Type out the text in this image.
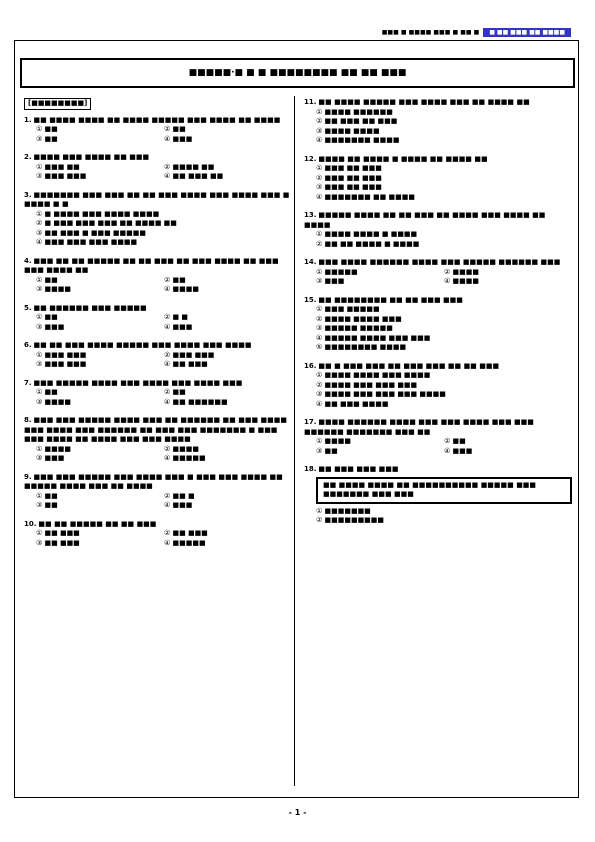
■■■ ■ ■■■■ ■■■ ■ ■■ ■	■ ■■ ■■■ ■■ ■■■■
■■■■■·■ ■ ■ ■■■■■■■■ ■■ ■■ ■■■
[■■■■■■■■]
1. ■■ ■■■■ ■■■■ ■■ ■■■■ ■■■■■ ■■■ ■■■■ ■■ ■■■■
① ■■	② ■■
③ ■■	④ ■■■
2. ■■■■ ■■■ ■■■■ ■■ ■■■
① ■■■ ■■	② ■■■■ ■■
③ ■■■ ■■■	④ ■■ ■■■ ■■
3. ■■■■■■■ ■■■ ■■■ ■■ ■■ ■■■ ■■■■ ■■■ ■■■■ ■■■ ■ ■■■■ ■ ■
① ■ ■■■■ ■■■ ■■■■ ■■■■
② ■ ■■■ ■■■ ■■■ ■■ ■■■■ ■■
③ ■■ ■■■ ■ ■■■ ■■■■■
④ ■■■ ■■■ ■■■ ■■■■
4. ■■■ ■■ ■■ ■■■■■ ■■ ■■ ■■■ ■■ ■■■ ■■■■ ■■ ■■■ ■■■ ■■■■ ■■
① ■■	② ■■
③ ■■■■	④ ■■■■
5. ■■ ■■■■■■ ■■■ ■■■■■
① ■■	② ■ ■
③ ■■■	④ ■■■
6. ■■ ■■ ■■■ ■■■■ ■■■■■ ■■■ ■■■■ ■■■ ■■■■
① ■■■ ■■■	② ■■■ ■■■
③ ■■■ ■■■	④ ■■ ■■■
7. ■■■ ■■■■■ ■■■■ ■■■ ■■■■ ■■■ ■■■■ ■■■
① ■■	② ■■
③ ■■■■	④ ■■ ■■■■■■
8. ■■■ ■■■ ■■■■■ ■■■■ ■■■ ■■ ■■■■■■ ■■ ■■■ ■■■■ ■■■ ■■■■ ■■■ ■■■■■■ ■■ ■■■ ■■■ ■■■■■■■ ■ ■■■ ■■■ ■■■■ ■■ ■■■■ ■■■ ■■■ ■■■■
① ■■■■	② ■■■■
③ ■■■	④ ■■■■■
9. ■■■ ■■■ ■■■■■ ■■■ ■■■■ ■■■ ■ ■■■ ■■■ ■■■■ ■■ ■■■■■ ■■■■ ■■■ ■■ ■■■■
① ■■	② ■■ ■
③ ■■	④ ■■■
10. ■■ ■■ ■■■■■ ■■ ■■ ■■■
① ■■ ■■■	② ■■ ■■■
③ ■■ ■■■	④ ■■■■■
11. ■■ ■■■■ ■■■■■ ■■■ ■■■■ ■■■ ■■ ■■■■ ■■
① ■■■■ ■■■■■■
② ■■ ■■■ ■■ ■■■
③ ■■■■ ■■■■
④ ■■■■■■■ ■■■■
12. ■■■■ ■■ ■■■■ ■ ■■■■ ■■ ■■■■ ■■
① ■■■ ■■ ■■■
② ■■■ ■■ ■■■
③ ■■■ ■■ ■■■
④ ■■■■■■■ ■■ ■■■■
13. ■■■■■ ■■■■ ■■ ■■ ■■■ ■■ ■■■■ ■■■ ■■■■ ■■ ■■■■
① ■■■■ ■■■■ ■ ■■■■
② ■■ ■■ ■■■■ ■ ■■■■
14. ■■■ ■■■■ ■■■■■■ ■■■■ ■■■ ■■■■■ ■■■■■■ ■■■
① ■■■■■	② ■■■■
③ ■■■	④ ■■■■
15. ■■ ■■■■■■■■ ■■ ■■ ■■■ ■■■
① ■■■ ■■■■■
② ■■■■ ■■■■ ■■■
③ ■■■■■ ■■■■■
④ ■■■■■ ■■■■ ■■■ ■■■
⑤ ■■■■■■■■ ■■■■
16. ■■ ■ ■■■ ■■■ ■■ ■■■ ■■■ ■■ ■■ ■■■
① ■■■■ ■■■■ ■■■ ■■■■
② ■■■■ ■■■ ■■■ ■■■
③ ■■■■ ■■■ ■■■ ■■■ ■■■■
④ ■■ ■■■ ■■■■
17. ■■■■ ■■■■■■ ■■■■ ■■■ ■■■ ■■■■ ■■■ ■■■ ■■■■■■ ■■■■■■■ ■■■ ■■
① ■■■■	② ■■
③ ■■	④ ■■■
18. ■■ ■■■ ■■■ ■■■
■■ ■■■■ ■■■■ ■■ ■■■■■■■■■■ ■■■■■ ■■■ ■■■■■■■ ■■■ ■■■
① ■■■■■■■
② ■■■■■■■■■
- 1 -
